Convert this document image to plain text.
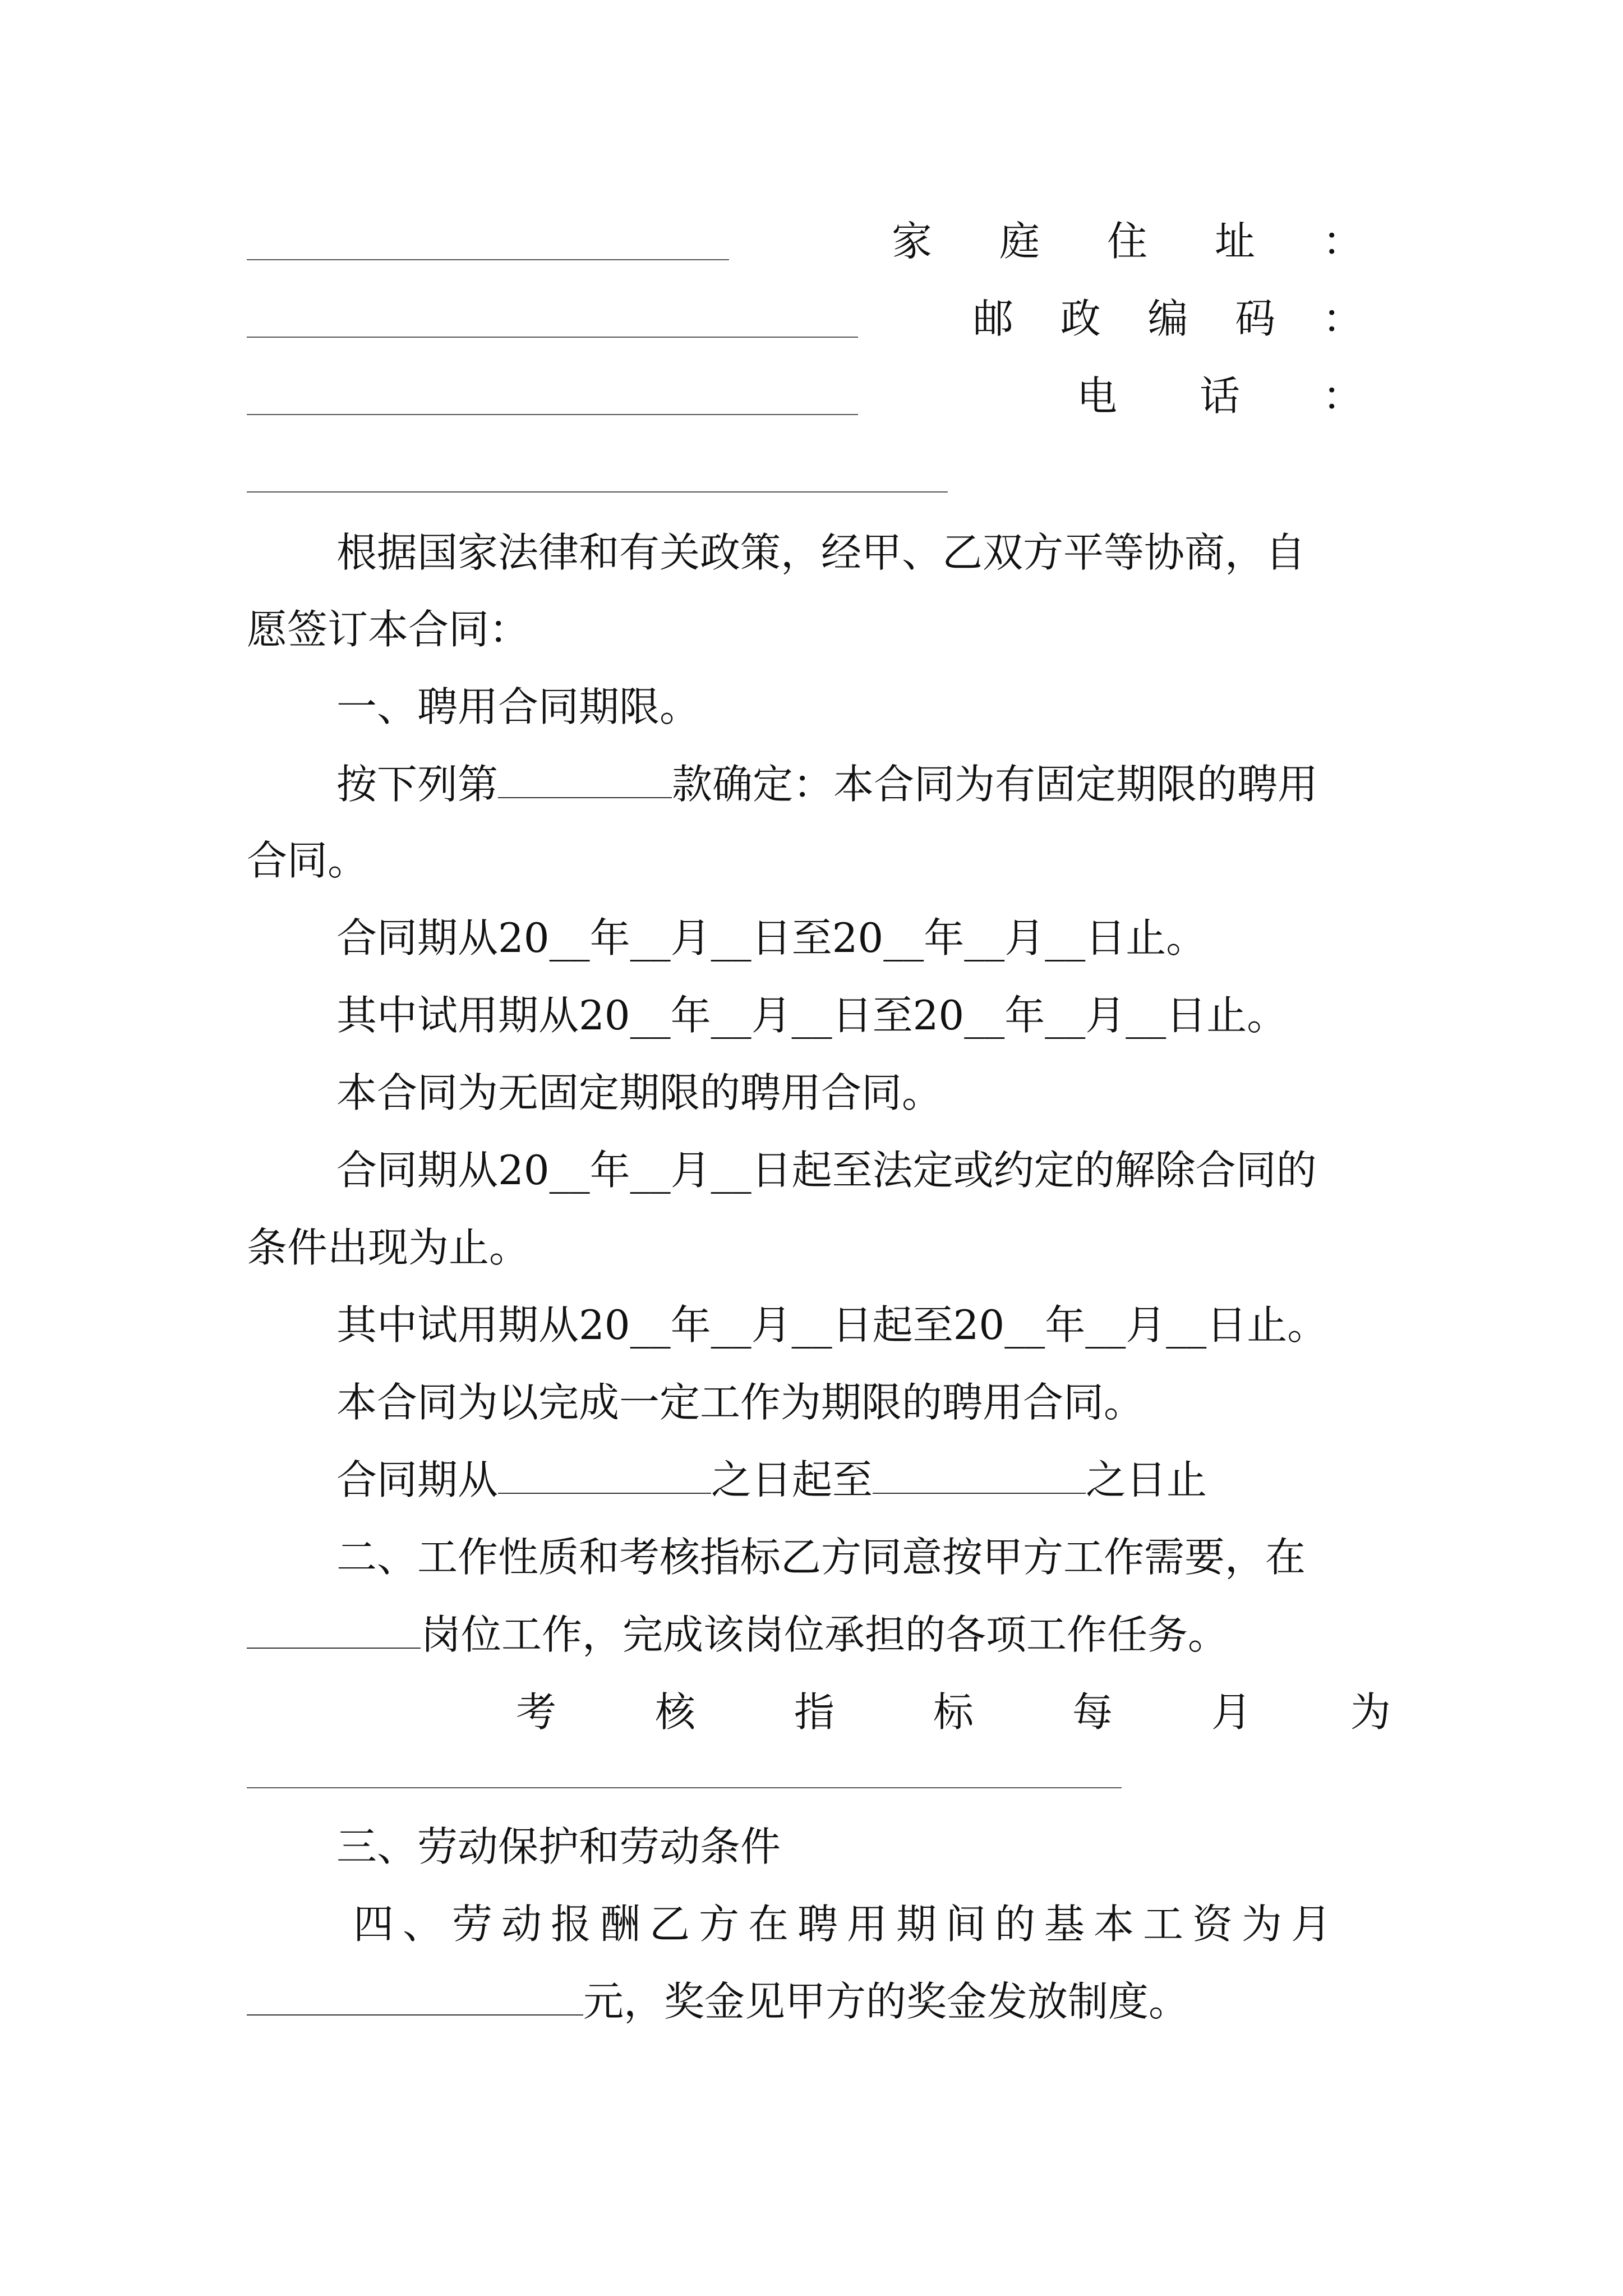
家 庭 住 址 ：
邮 政 编 码 ：
电 话 ：
根据国家法律和有关政策，经甲、乙双方平等协商，自
愿签订本合同：
一、聘用合同期限。
按下列第	款确定：本合同为有固定期限的聘用
合同。
合同期从20__年__月__日至20__年__月__日止。
其中试用期从20__年__月__日至20__年__月__日止。
本合同为无固定期限的聘用合同。
合同期从20__年__月__日起至法定或约定的解除合同的
条件出现为止。
其中试用期从20__年__月__日起至20__年__月__日止。
本合同为以完成一定工作为期限的聘用合同。
合同期从	之日起至	之日止
二、工作性质和考核指标乙方同意按甲方工作需要，在
岗位工作，完成该岗位承担的各项工作任务。
考 核 指 标 每 月 为
三、劳动保护和劳动条件
四、劳动报酬乙方在聘用期间的基本工资为月
元，奖金见甲方的奖金发放制度。
